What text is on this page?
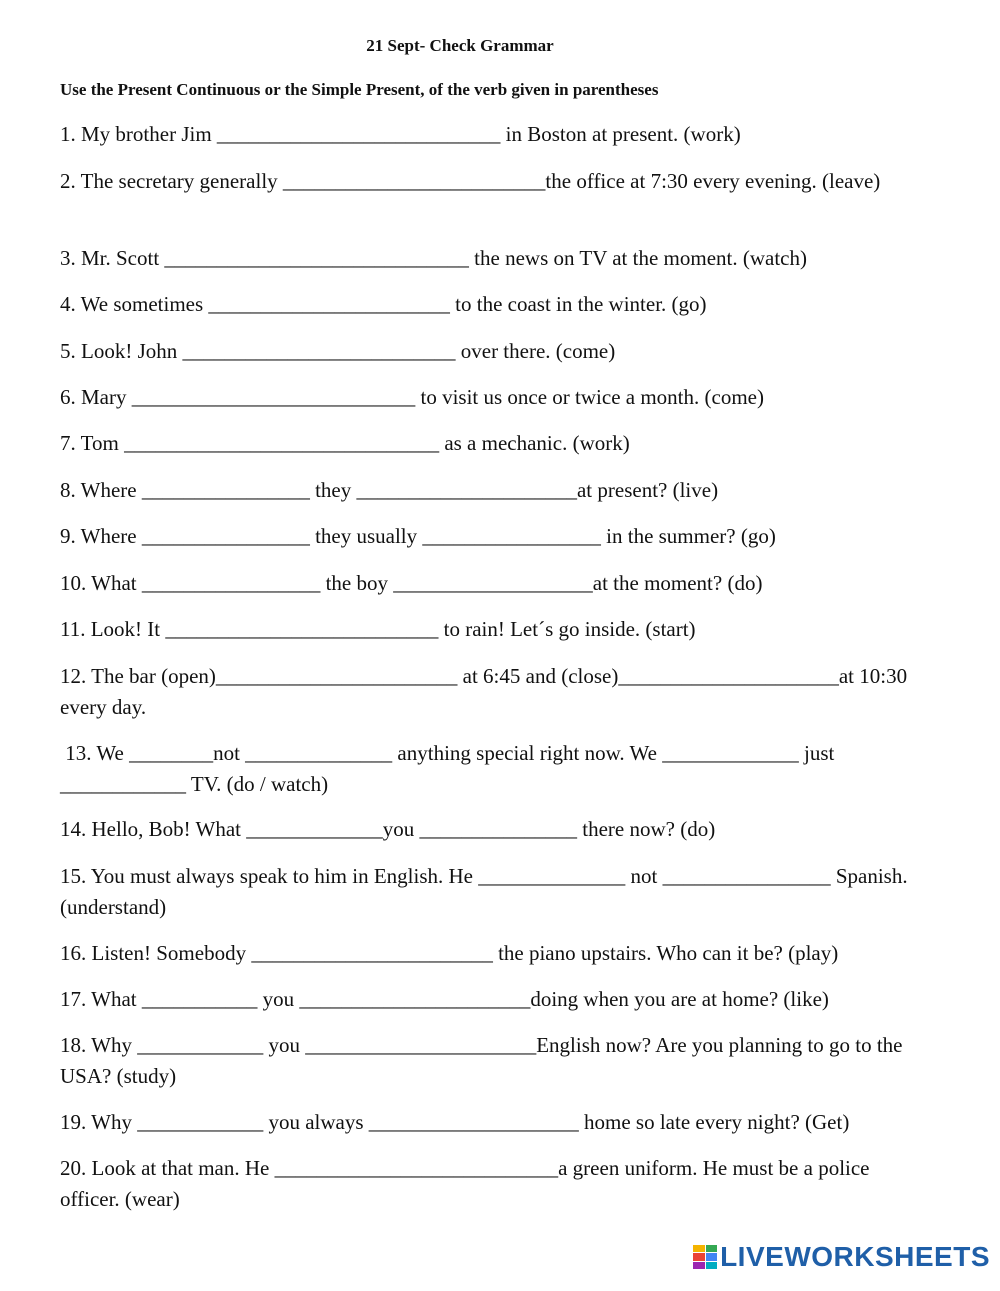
21 Sept- Check Grammar
Use the Present Continuous or the Simple Present, of the verb given in parentheses
1. My brother Jim ___________________________ in Boston at present. (work)
2. The secretary generally _________________________the office at 7:30 every evening. (leave)
3. Mr. Scott _____________________________ the news on TV at the moment. (watch)
4. We sometimes _______________________ to the coast in the winter. (go)
5. Look! John __________________________ over there. (come)
6. Mary ___________________________ to visit us once or twice a month. (come)
7. Tom ______________________________ as a mechanic. (work)
8. Where ________________ they _____________________at present? (live)
9. Where ________________ they usually _________________ in the summer? (go)
10. What _________________ the boy ___________________at the moment? (do)
11. Look! It __________________________ to rain! Let´s go inside. (start)
12. The bar (open)_______________________ at 6:45 and (close)_____________________at 10:30 every day.
13. We ________not ______________ anything special right now. We _____________ just ____________ TV. (do / watch)
14. Hello, Bob! What _____________you _______________ there now? (do)
15. You must always speak to him in English. He ______________ not ________________ Spanish. (understand)
16. Listen! Somebody _______________________ the piano upstairs. Who can it be? (play)
17. What ___________ you ______________________doing when you are at home? (like)
18. Why ____________ you ______________________English now? Are you planning to go to the USA? (study)
19. Why ____________ you always ____________________ home so late every night? (Get)
20. Look at that man. He ___________________________a green uniform. He must be a police officer. (wear)
LIVEWORKSHEETS
